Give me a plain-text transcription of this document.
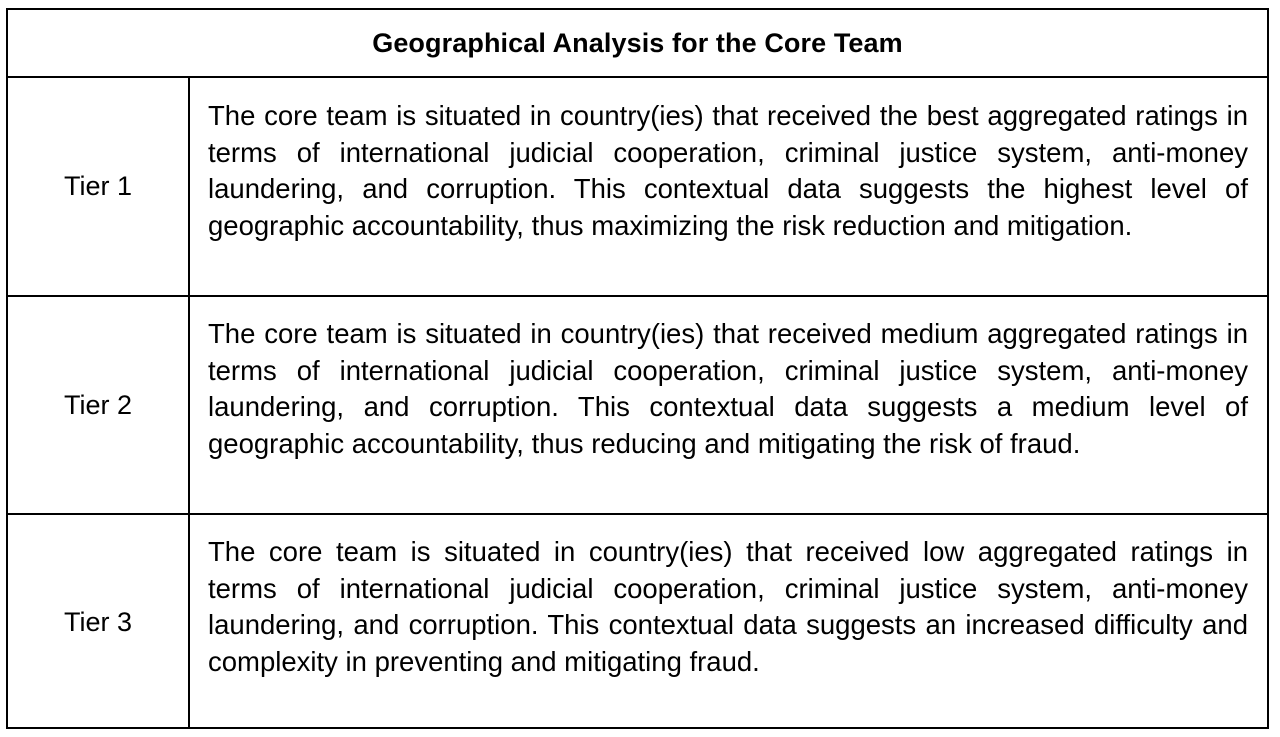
Geographical Analysis for the Core Team
Tier 1
The core team is situated in country(ies) that received the best aggregated ratings in terms of international judicial cooperation, criminal justice system, anti-money laundering, and corruption. This contextual data suggests the highest level of geographic accountability, thus maximizing the risk reduction and mitigation.
Tier 2
The core team is situated in country(ies) that received medium aggregated ratings in terms of international judicial cooperation, criminal justice system, anti-money laundering, and corruption. This contextual data suggests a medium level of geographic accountability, thus reducing and mitigating the risk of fraud.
Tier 3
The core team is situated in country(ies) that received low aggregated ratings in terms of international judicial cooperation, criminal justice system, anti-money laundering, and corruption. This contextual data suggests an increased difficulty and complexity in preventing and mitigating fraud.
